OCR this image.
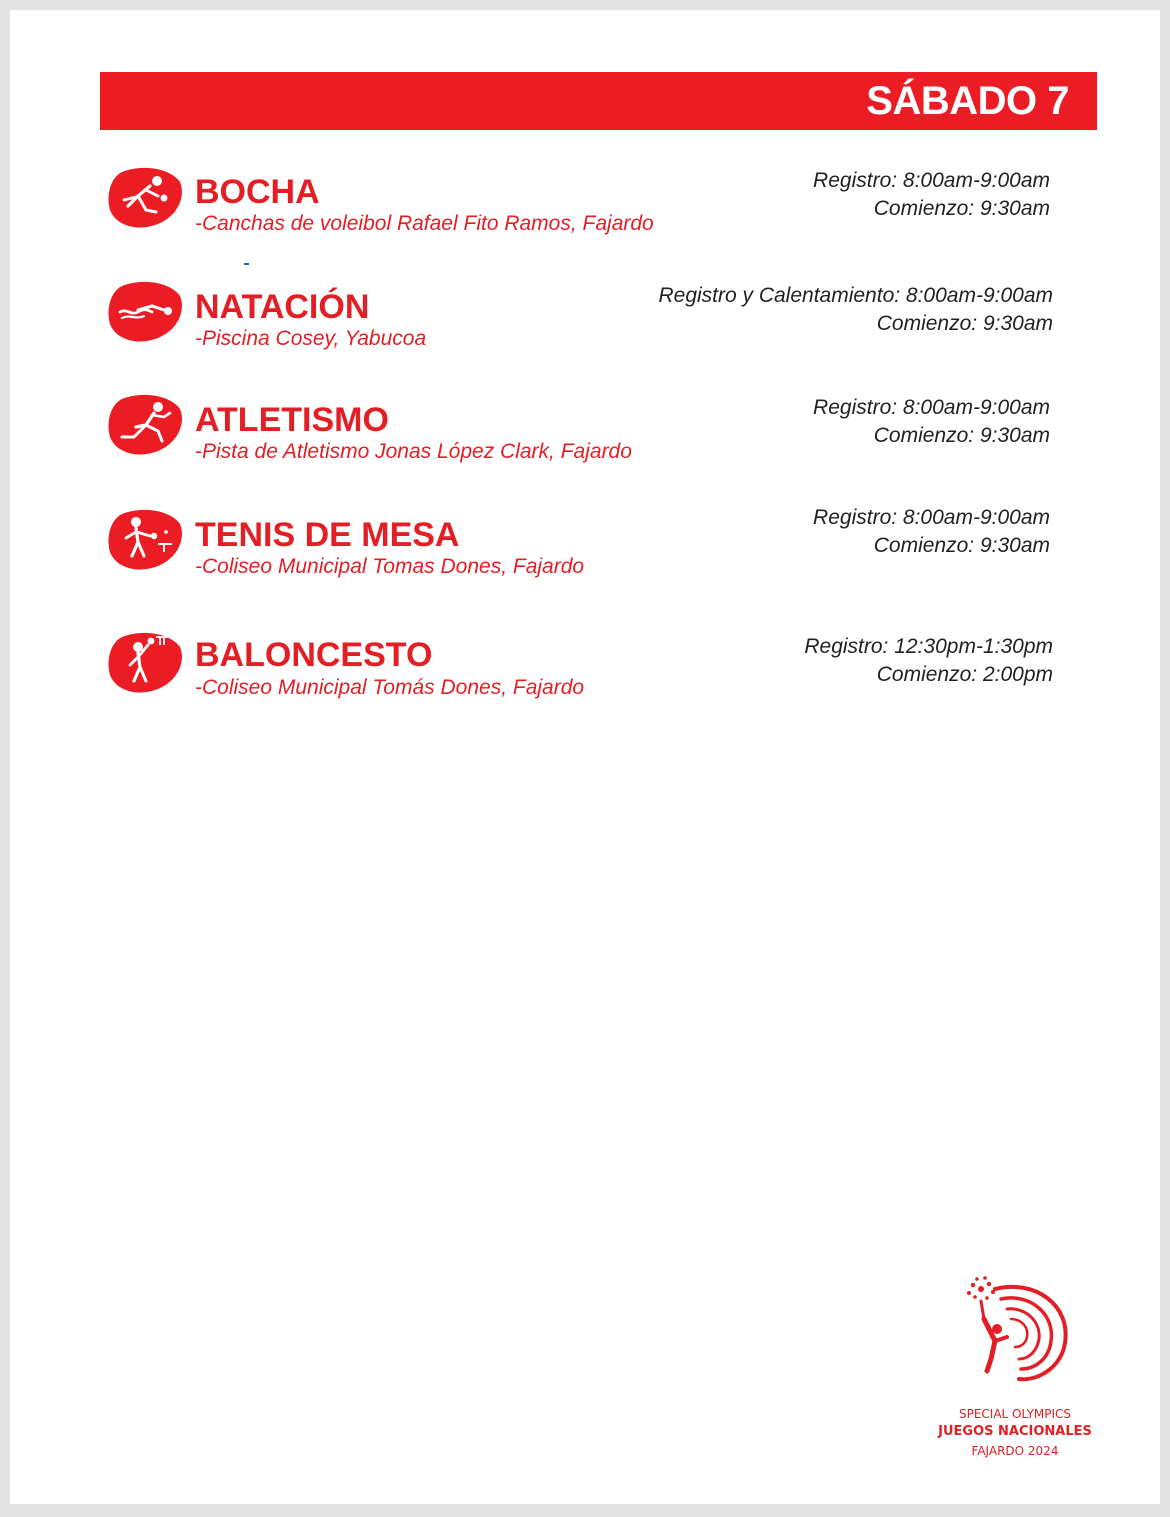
SÁBADO 7
BOCHA
-Canchas de voleibol Rafael Fito Ramos, Fajardo
Registro: 8:00am-9:00am
Comienzo: 9:30am
NATACIÓN
-Piscina Cosey, Yabucoa
Registro y Calentamiento: 8:00am-9:00am
Comienzo: 9:30am
ATLETISMO
-Pista de Atletismo Jonas López Clark, Fajardo
Registro: 8:00am-9:00am
Comienzo: 9:30am
TENIS DE MESA
-Coliseo Municipal Tomas Dones, Fajardo
Registro: 8:00am-9:00am
Comienzo: 9:30am
BALONCESTO
-Coliseo Municipal Tomás Dones, Fajardo
Registro: 12:30pm-1:30pm
Comienzo: 2:00pm
SPECIAL OLYMPICS
JUEGOS NACIONALES
FAJARDO 2024
